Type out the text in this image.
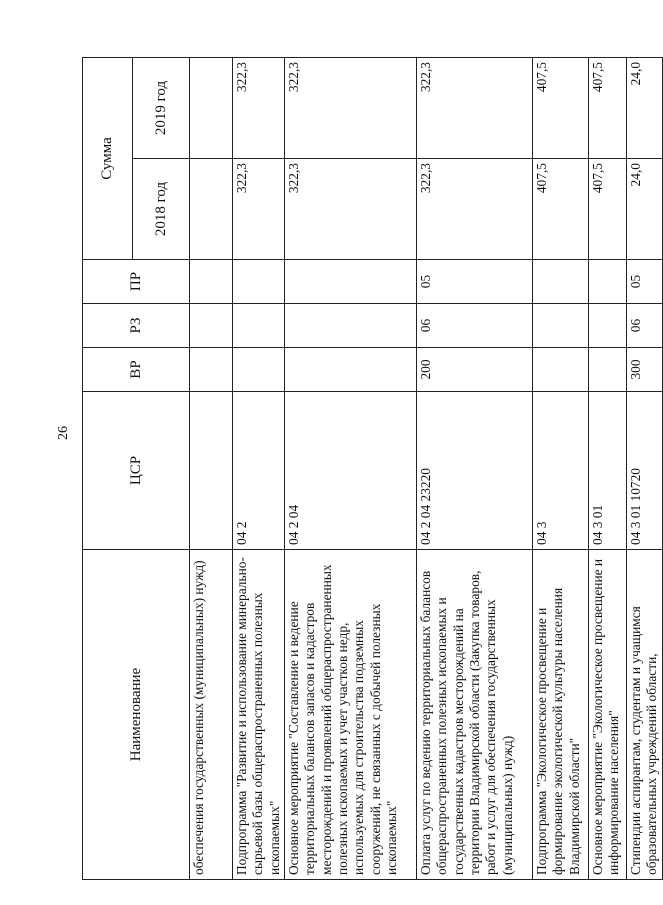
26
Наименование	ЦСР	ВР	РЗ	ПР	Сумма	
					2018 год	2019 год
обеспечения государственных (муниципальных) нужд)						
Подпрограмма "Развитие и использование минерально-сырьевой базы общераспространенных полезных ископаемых"	04 2				322,3	322,3
Основное мероприятие "Составление и ведение территориальных балансов запасов и кадастров месторождений и проявлений общераспространенных полезных ископаемых и учет участков недр, используемых для строительства подземных сооружений, не связанных с добычей полезных ископаемых"	04 2 04				322,3	322,3
Оплата услуг по ведению территориальных балансов общераспространенных полезных ископаемых и государственных кадастров месторождений на территории Владимирской области (Закупка товаров, работ и услуг для обеспечения государственных (муниципальных) нужд)	04 2 04 23220	200	06	05	322,3	322,3
Подпрограмма "Экологическое просвещение и формирование экологической культуры населения Владимирской области"	04 3				407,5	407,5
Основное мероприятие "Экологическое просвещение и информирование населения"	04 3 01				407,5	407,5
Стипендии аспирантам, студентам и учащимся образовательных учреждений области,	04 3 01 10720	300	06	05	24,0	24,0
